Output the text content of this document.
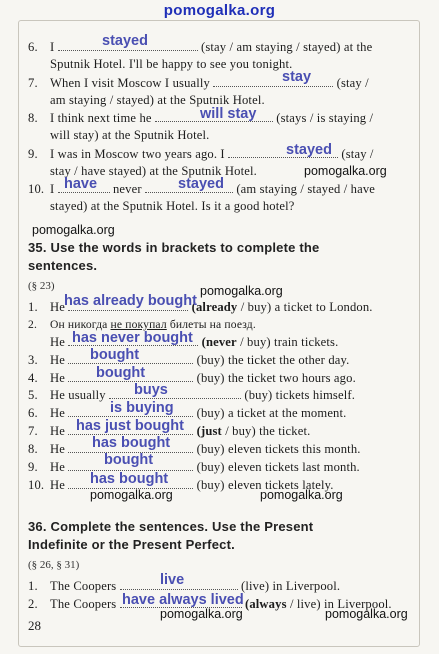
pomogalka.org
6. I	(stay / am staying / stayed) at the
Sputnik Hotel. I'll be happy to see you tonight.
stayed
7. When I visit Moscow I usually	(stay /
am staying / stayed) at the Sputnik Hotel.
stay
8. I think next time he	(stays / is staying /
will stay) at the Sputnik Hotel.
will stay
9. I was in Moscow two years ago. I	(stay /
stay / have stayed) at the Sputnik Hotel.
stayed
pomogalka.org
10. I	never	(am staying / stayed / have
stayed) at the Sputnik Hotel. Is it a good hotel?
have	stayed
pomogalka.org
35. Use the words in brackets to complete the
sentences.
(§ 23)	pomogalka.org
1. He	(already / buy) a ticket to London.
has already bought
2. Он никогда не покупал билеты на поезд.
He	(never / buy) train tickets.
has never bought
3. He	(buy) the ticket the other day.
bought
4. He	(buy) the ticket two hours ago.
bought
5. He usually	(buy) tickets himself.
buys
6. He	(buy) a ticket at the moment.
is buying
7. He	(just / buy) the ticket.
has just bought
8. He	(buy) eleven tickets this month.
has bought
9. He	(buy) eleven tickets last month.
bought
10. He	(buy) eleven tickets lately.
has bought
pomogalka.org	pomogalka.org
36. Complete the sentences. Use the Present
Indefinite or the Present Perfect.
(§ 26, § 31)
1. The Coopers	(live) in Liverpool.
live
2. The Coopers	(always / live) in Liverpool.
have always lived
pomogalka.org	pomogalka.org
28
